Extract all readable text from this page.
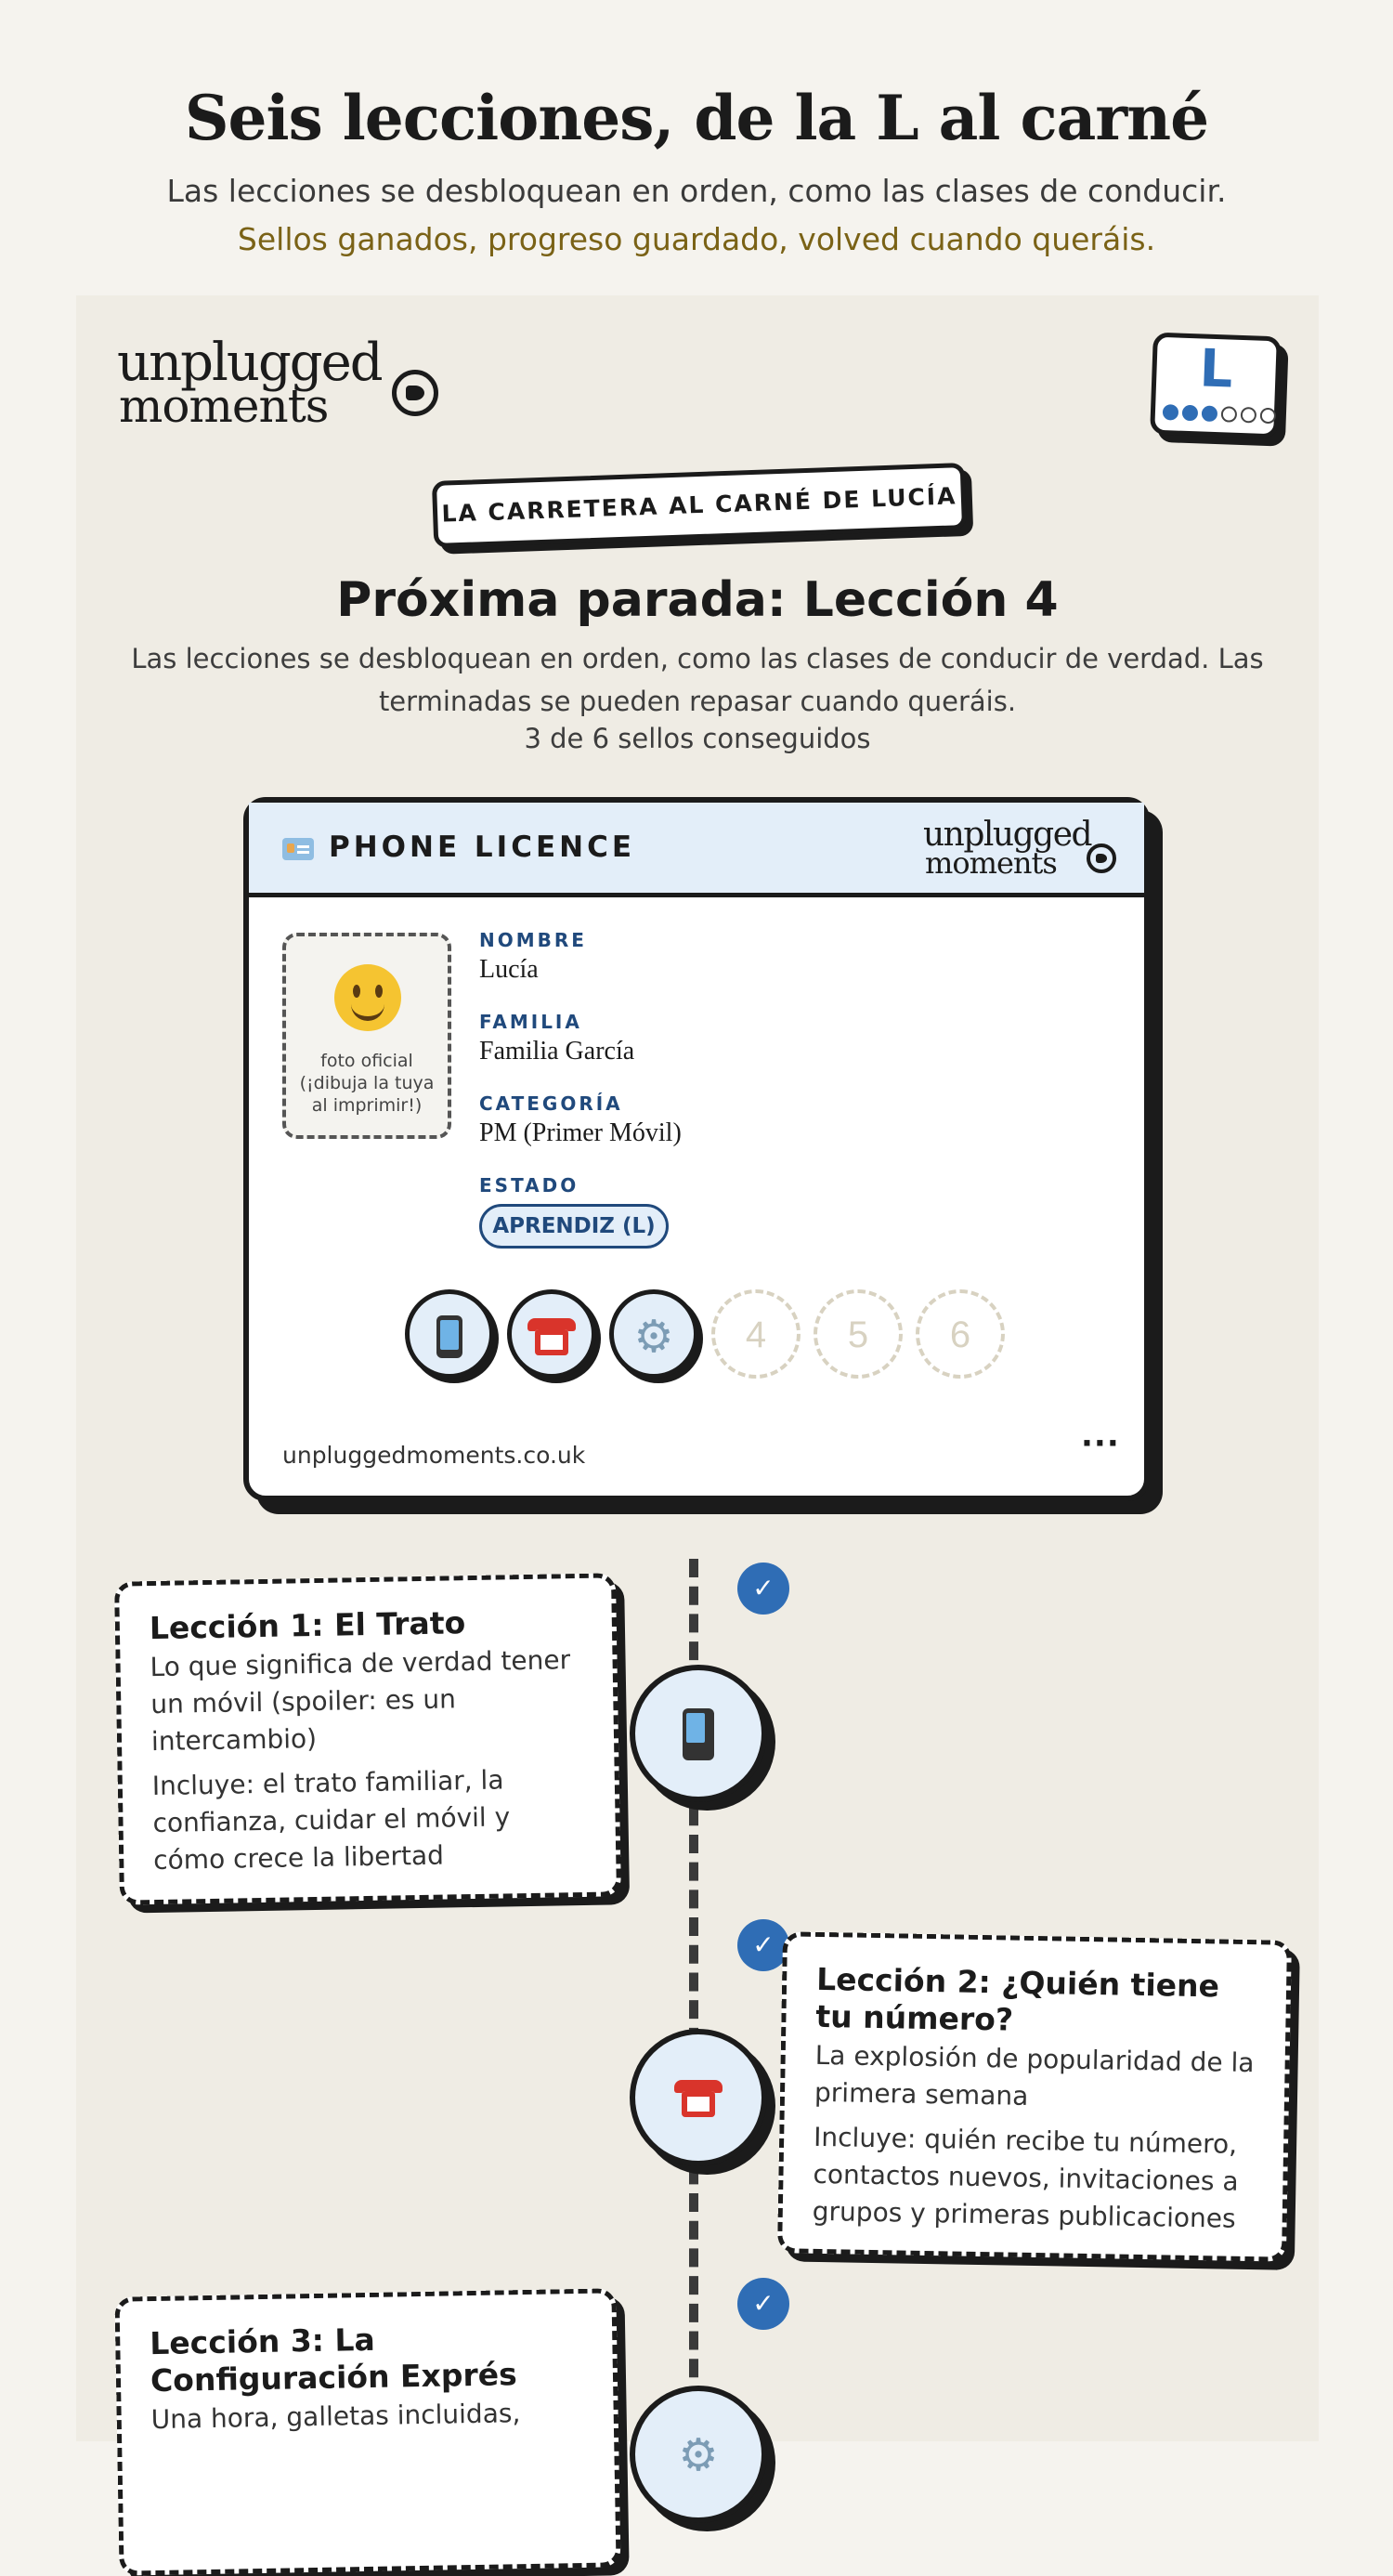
Seis lecciones, de la L al carné

Las lecciones se desbloquean en orden, como las clases de conducir.

Sellos ganados, progreso guardado, volved cuando queráis.

unplugged
moments
L
LA CARRETERA AL CARNÉ DE LUCÍA
Próxima parada: Lección 4

Las lecciones se desbloquean en orden, como las clases de conducir de verdad. Las terminadas se pueden repasar cuando queráis.

3 de 6 sellos conseguidos

PHONE LICENCE	unplugged
moments
foto oficial (¡dibuja la tuya al imprimir!)
NOMBRE
Lucía
FAMILIA
Familia García
CATEGORÍA
PM (Primer Móvil)
ESTADO
APRENDIZ (L)
⚙	4	5	6
unpluggedmoments.co.uk	···
✓
Lección 1: El Trato
Lo que significa de verdad tener un móvil (spoiler: es un intercambio)
Incluye: el trato familiar, la confianza, cuidar el móvil y cómo crece la libertad
✓
Lección 2: ¿Quién tiene tu número?
La explosión de popularidad de la primera semana
Incluye: quién recibe tu número, contactos nuevos, invitaciones a grupos y primeras publicaciones
✓
⚙
Lección 3: La Configuración Exprés
Una hora, galletas incluidas,
